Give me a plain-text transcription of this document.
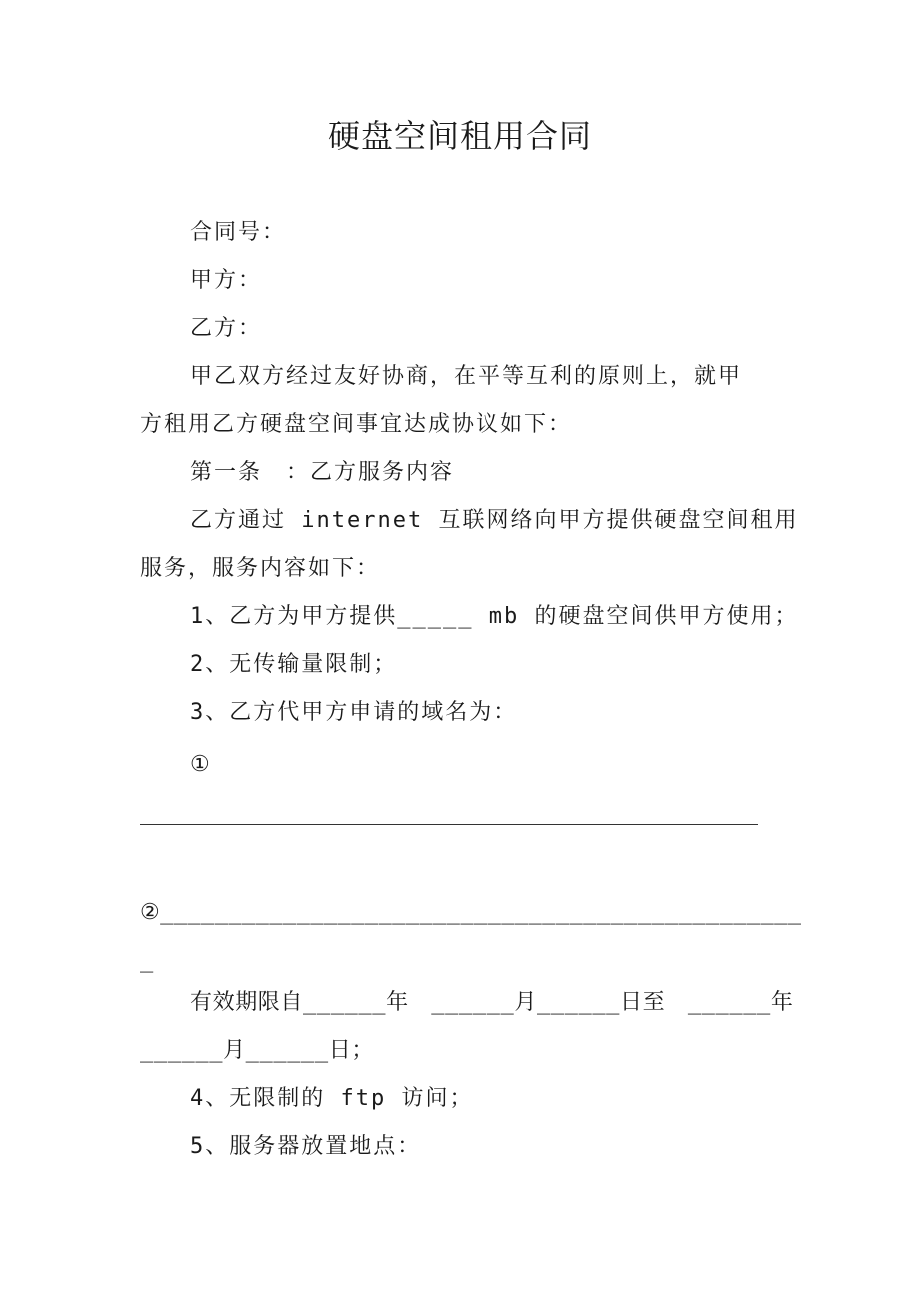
硬盘空间租用合同
合同号：
甲方：
乙方：
甲乙双方经过友好协商，在平等互利的原则上，就甲
方租用乙方硬盘空间事宜达成协议如下：
第一条　：乙方服务内容
乙方通过 internet 互联网络向甲方提供硬盘空间租用
服务，服务内容如下：
1、乙方为甲方提供_____ mb 的硬盘空间供甲方使用；
2、无传输量限制；
3、乙方代甲方申请的域名为：
①
②_______________________________________________
_
有效期限自______年　______月______日至　______年
______月______日；
4、无限制的 ftp 访问；
5、服务器放置地点：
